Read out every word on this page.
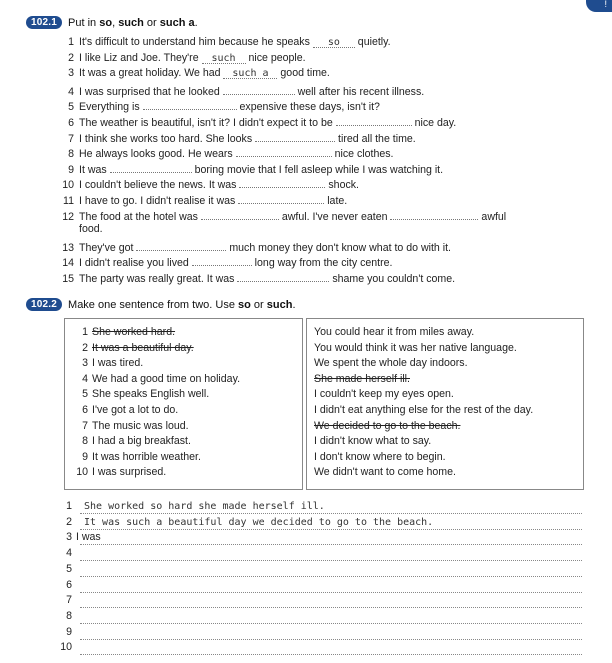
!
102.1	Put in so, such or such a.
1 It's difficult to understand him because he speaks so quietly.
2 I like Liz and Joe. They're such nice people.
3 It was a great holiday. We had such a good time.
4 I was surprised that he looked	well after his recent illness.
5 Everything is	expensive these days, isn't it?
6 The weather is beautiful, isn't it? I didn't expect it to be	nice day.
7 I think she works too hard. She looks	tired all the time.
8 He always looks good. He wears	nice clothes.
9 It was	boring movie that I fell asleep while I was watching it.
10 I couldn't believe the news. It was	shock.
11 I have to go. I didn't realise it was	late.
12 The food at the hotel was	awful. I've never eaten	awful
food.
13 They've got	much money they don't know what to do with it.
14 I didn't realise you lived	long way from the city centre.
15 The party was really great. It was	shame you couldn't come.
102.2	Make one sentence from two. Use so or such.
1 She worked hard.
2 It was a beautiful day.
3 I was tired.
4 We had a good time on holiday.
5 She speaks English well.
6 I've got a lot to do.
7 The music was loud.
8 I had a big breakfast.
9 It was horrible weather.
10 I was surprised.
You could hear it from miles away.
You would think it was her native language.
We spent the whole day indoors.
She made herself ill.
I couldn't keep my eyes open.
I didn't eat anything else for the rest of the day.
We decided to go to the beach.
I didn't know what to say.
I don't know where to begin.
We didn't want to come home.
1 She worked so hard she made herself ill.
2 It was such a beautiful day we decided to go to the beach.
3 I was
4
5
6
7
8
9
10
